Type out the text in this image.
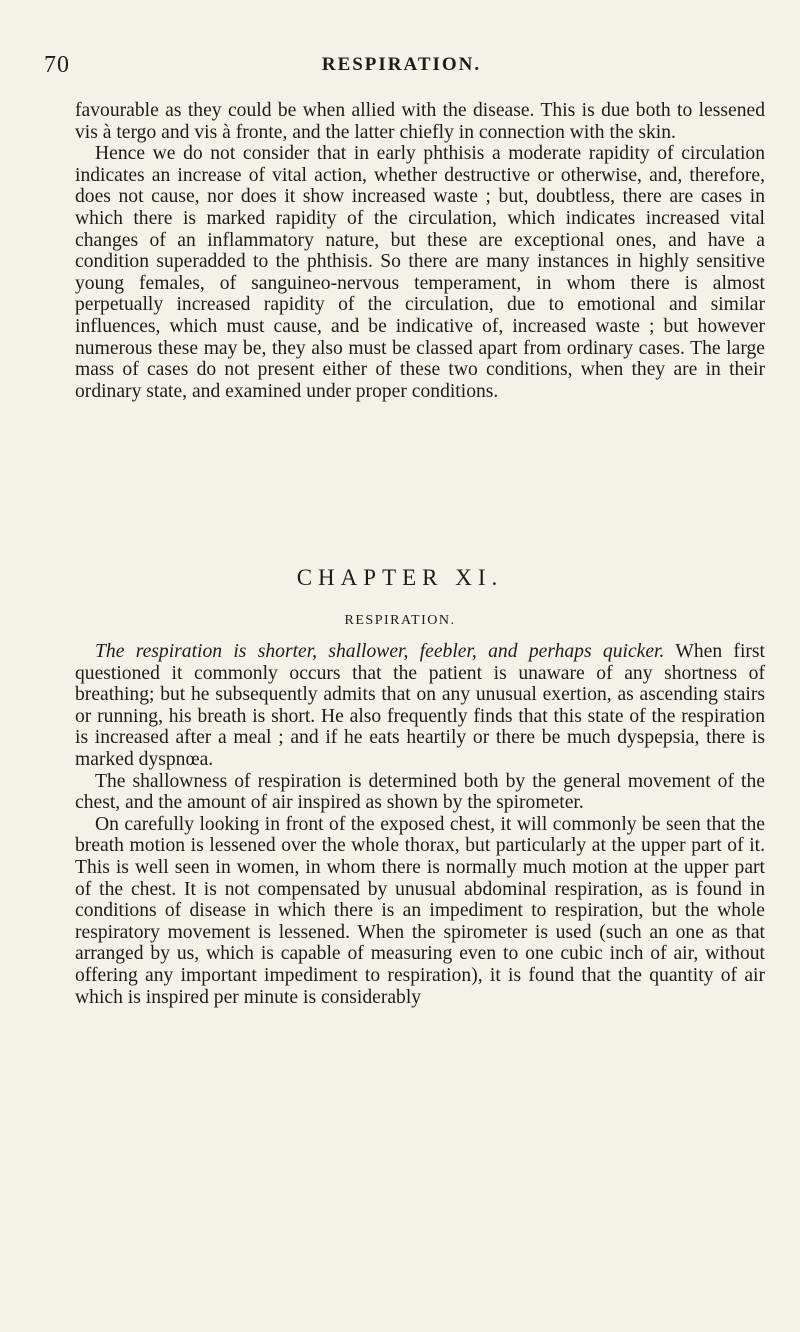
70	RESPIRATION.

favourable as they could be when allied with the disease. This is due both to lessened vis à tergo and vis à fronte, and the latter chiefly in connection with the skin.

Hence we do not consider that in early phthisis a moderate rapidity of circulation indicates an increase of vital action, whether destructive or otherwise, and, therefore, does not cause, nor does it show increased waste ; but, doubtless, there are cases in which there is marked rapidity of the circulation, which indicates increased vital changes of an inflammatory nature, but these are exceptional ones, and have a condition superadded to the phthisis. So there are many instances in highly sensitive young females, of sanguineo-nervous temperament, in whom there is almost perpetually increased rapidity of the circulation, due to emotional and similar influences, which must cause, and be indicative of, increased waste ; but however numerous these may be, they also must be classed apart from ordinary cases. The large mass of cases do not present either of these two conditions, when they are in their ordinary state, and examined under proper conditions.

CHAPTER XI.
RESPIRATION.

The respiration is shorter, shallower, feebler, and perhaps quicker. When first questioned it commonly occurs that the patient is unaware of any shortness of breathing; but he subsequently admits that on any unusual exertion, as ascending stairs or running, his breath is short. He also frequently finds that this state of the respiration is increased after a meal ; and if he eats heartily or there be much dyspepsia, there is marked dyspnœa.

The shallowness of respiration is determined both by the general movement of the chest, and the amount of air inspired as shown by the spirometer.

On carefully looking in front of the exposed chest, it will commonly be seen that the breath motion is lessened over the whole thorax, but particularly at the upper part of it. This is well seen in women, in whom there is normally much motion at the upper part of the chest. It is not compensated by unusual abdominal respiration, as is found in conditions of disease in which there is an impediment to respiration, but the whole respiratory movement is lessened. When the spirometer is used (such an one as that arranged by us, which is capable of measuring even to one cubic inch of air, without offering any important impediment to respiration), it is found that the quantity of air which is inspired per minute is considerably
